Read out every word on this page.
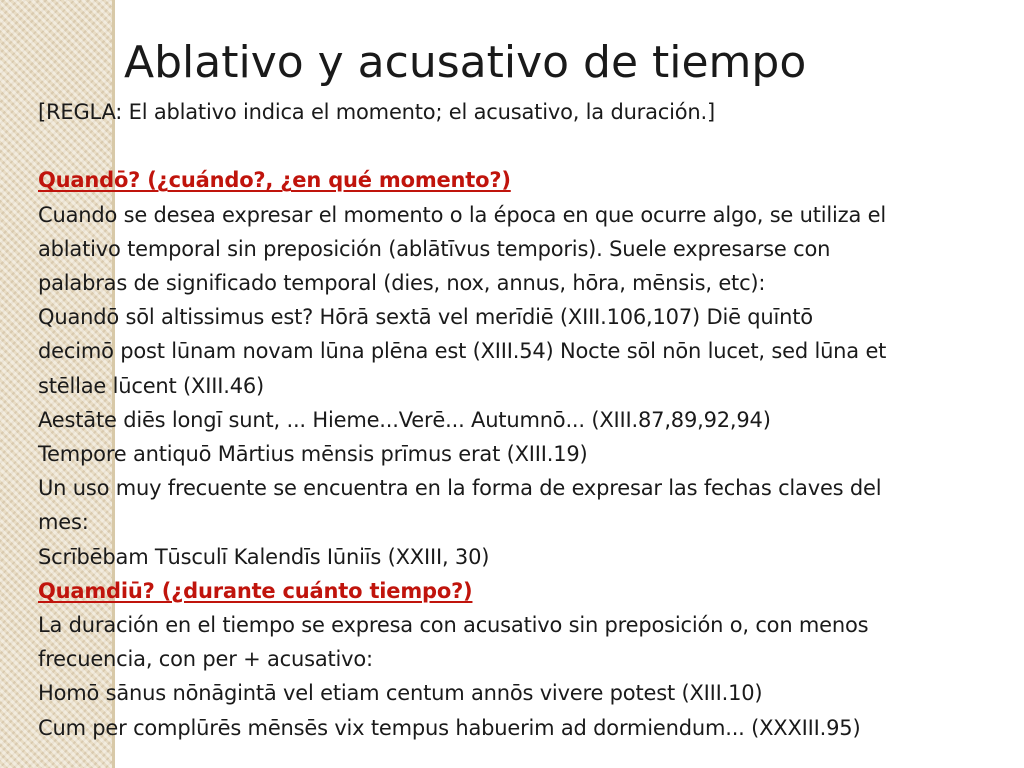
Ablativo y acusativo de tiempo
[REGLA: El ablativo indica el momento; el acusativo, la duración.]
Quandō? (¿cuándo?, ¿en qué momento?)
Cuando se desea expresar el momento o la época en que ocurre algo, se utiliza el
ablativo temporal sin preposición (ablātīvus temporis). Suele expresarse con
palabras de significado temporal (dies, nox, annus, hōra, mēnsis, etc):
Quandō sōl altissimus est? Hōrā sextā vel merīdiē (XIII.106,107) Diē quīntō
decimō post lūnam novam lūna plēna est (XIII.54) Nocte sōl nōn lucet, sed lūna et
stēllae lūcent (XIII.46)
Aestāte diēs longī sunt, ... Hieme...Verē... Autumnō... (XIII.87,89,92,94)
Tempore antiquō Mārtius mēnsis prīmus erat (XIII.19)
Un uso muy frecuente se encuentra en la forma de expresar las fechas claves del
mes:
Scrībēbam Tūsculī Kalendīs Iūniīs (XXIII, 30)
Quamdiū? (¿durante cuánto tiempo?)
La duración en el tiempo se expresa con acusativo sin preposición o, con menos
frecuencia, con per + acusativo:
Homō sānus nōnāgintā vel etiam centum annōs vivere potest (XIII.10)
Cum per complūrēs mēnsēs vix tempus habuerim ad dormiendum... (XXXIII.95)
